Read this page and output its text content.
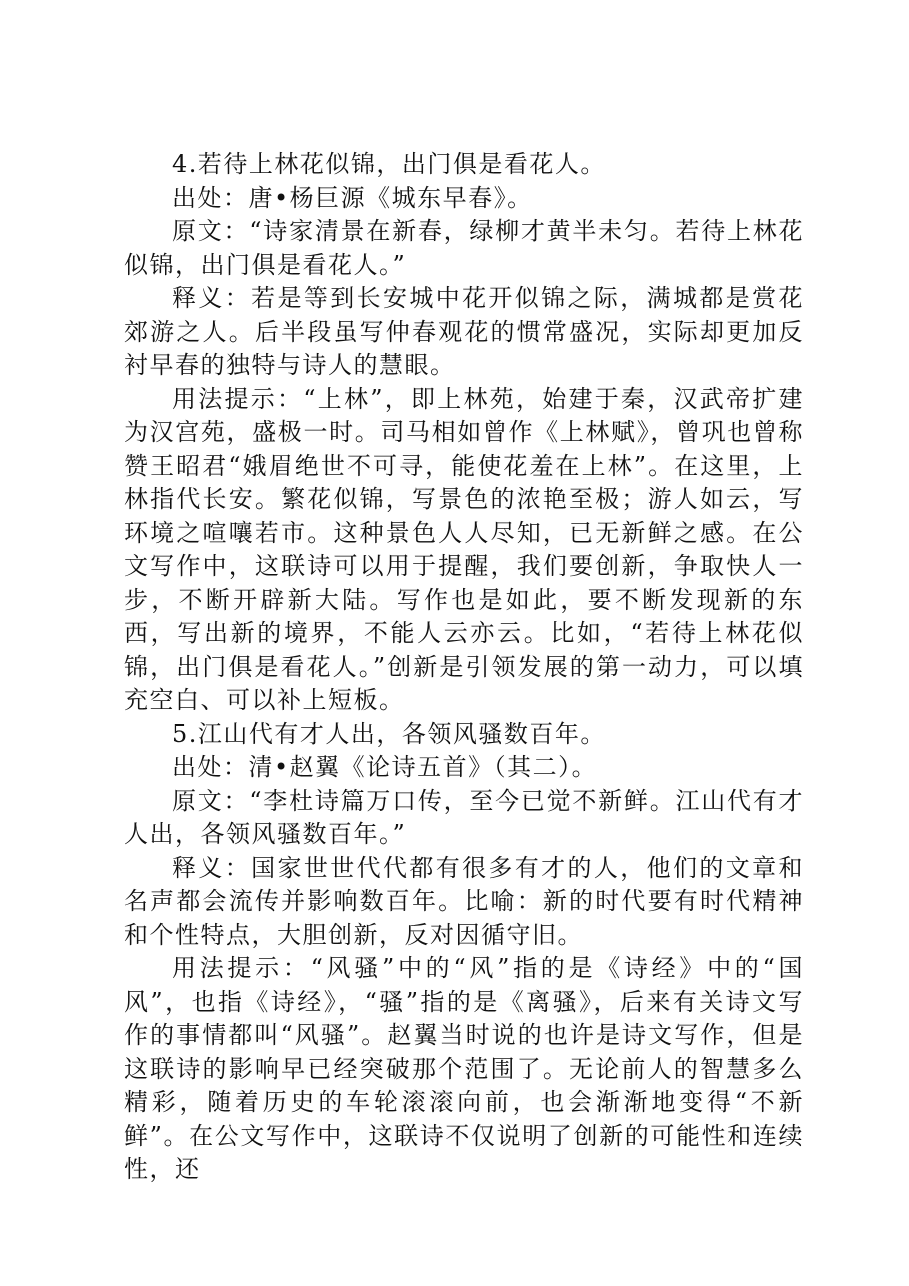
4.若待上林花似锦，出门俱是看花人。

出处：唐•杨巨源《城东早春》。

原文：“诗家清景在新春，绿柳才黄半未匀。若待上林花似锦，出门俱是看花人。”

释义：若是等到长安城中花开似锦之际，满城都是赏花郊游之人。后半段虽写仲春观花的惯常盛况，实际却更加反衬早春的独特与诗人的慧眼。

用法提示：“上林”，即上林苑，始建于秦，汉武帝扩建为汉宫苑，盛极一时。司马相如曾作《上林赋》，曾巩也曾称赞王昭君“娥眉绝世不可寻，能使花羞在上林”。在这里，上林指代长安。繁花似锦，写景色的浓艳至极；游人如云，写环境之喧嚷若市。这种景色人人尽知，已无新鲜之感。在公文写作中，这联诗可以用于提醒，我们要创新，争取快人一步，不断开辟新大陆。写作也是如此，要不断发现新的东西，写出新的境界，不能人云亦云。比如，“若待上林花似锦，出门俱是看花人。”创新是引领发展的第一动力，可以填充空白、可以补上短板。

5.江山代有才人出，各领风骚数百年。

出处：清•赵翼《论诗五首》（其二）。

原文：“李杜诗篇万口传，至今已觉不新鲜。江山代有才人出，各领风骚数百年。”

释义：国家世世代代都有很多有才的人，他们的文章和名声都会流传并影响数百年。比喻：新的时代要有时代精神和个性特点，大胆创新，反对因循守旧。

用法提示：“风骚”中的“风”指的是《诗经》中的“国风”，也指《诗经》，“骚”指的是《离骚》，后来有关诗文写作的事情都叫“风骚”。赵翼当时说的也许是诗文写作，但是这联诗的影响早已经突破那个范围了。无论前人的智慧多么精彩，随着历史的车轮滚滚向前，也会渐渐地变得“不新鲜”。在公文写作中，这联诗不仅说明了创新的可能性和连续性，还
